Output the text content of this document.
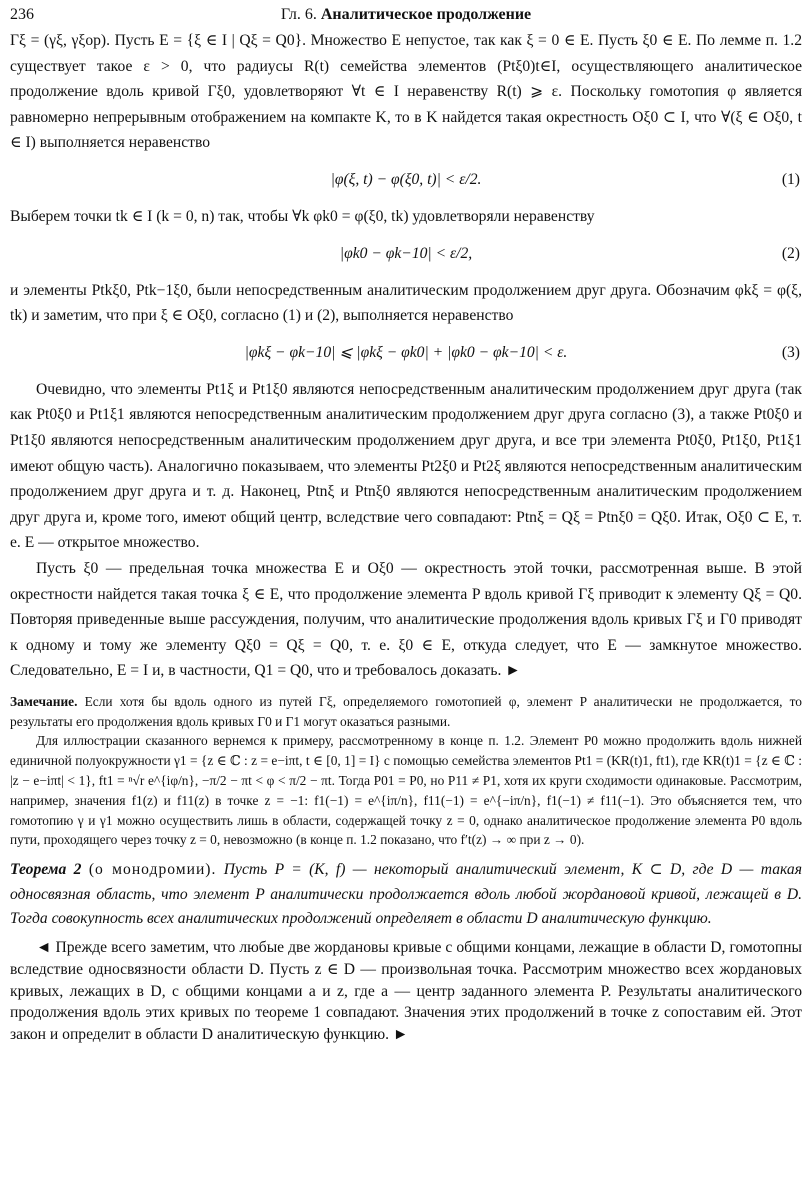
236	Гл. 6. Аналитическое продолжение

Γξ = (γξ, γξop). Пусть E = {ξ ∈ I | Qξ = Q0}. Множество E непустое, так как ξ = 0 ∈ E. Пусть ξ0 ∈ E. По лемме п. 1.2 существует такое ε > 0, что радиусы R(t) семейства элементов (Ptξ0)t∈I, осуществляющего аналитическое продолжение вдоль кривой Γξ0, удовлетворяют ∀t ∈ I неравенству R(t) ⩾ ε. Поскольку гомотопия φ является равномерно непрерывным отображением на компакте K, то в K найдется такая окрестность Oξ0 ⊂ I, что ∀(ξ ∈ Oξ0, t ∈ I) выполняется неравенство

|φ(ξ, t) − φ(ξ0, t)| < ε/2.	(1)

Выберем точки tk ∈ I (k = 0, n) так, чтобы ∀k φk0 = φ(ξ0, tk) удовлетворяли неравенству

|φk0 − φk−10| < ε/2,	(2)

и элементы Ptkξ0, Ptk−1ξ0, были непосредственным аналитическим продолжением друг друга. Обозначим φkξ = φ(ξ, tk) и заметим, что при ξ ∈ Oξ0, согласно (1) и (2), выполняется неравенство

|φkξ − φk−10| ⩽ |φkξ − φk0| + |φk0 − φk−10| < ε.	(3)

Очевидно, что элементы Pt1ξ и Pt1ξ0 являются непосредственным аналитическим продолжением друг друга (так как Pt0ξ0 и Pt1ξ1 являются непосредственным аналитическим продолжением друг друга согласно (3), а также Pt0ξ0 и Pt1ξ0 являются непосредственным аналитическим продолжением друг друга, и все три элемента Pt0ξ0, Pt1ξ0, Pt1ξ1 имеют общую часть). Аналогично показываем, что элементы Pt2ξ0 и Pt2ξ являются непосредственным аналитическим продолжением друг друга и т. д. Наконец, Ptnξ и Ptnξ0 являются непосредственным аналитическим продолжением друг друга и, кроме того, имеют общий центр, вследствие чего совпадают: Ptnξ = Qξ = Ptnξ0 = Qξ0. Итак, Oξ0 ⊂ E, т. е. E — открытое множество.

Пусть ξ0 — предельная точка множества E и Oξ0 — окрестность этой точки, рассмотренная выше. В этой окрестности найдется такая точка ξ ∈ E, что продолжение элемента P вдоль кривой Γξ приводит к элементу Qξ = Q0. Повторяя приведенные выше рассуждения, получим, что аналитические продолжения вдоль кривых Γξ и Γ0 приводят к одному и тому же элементу Qξ0 = Qξ = Q0, т. е. ξ0 ∈ E, откуда следует, что E — замкнутое множество. Следовательно, E = I и, в частности, Q1 = Q0, что и требовалось доказать. ►

Замечание. Если хотя бы вдоль одного из путей Γξ, определяемого гомотопией φ, элемент P аналитически не продолжается, то результаты его продолжения вдоль кривых Γ0 и Γ1 могут оказаться разными.

Для иллюстрации сказанного вернемся к примеру, рассмотренному в конце п. 1.2. Элемент P0 можно продолжить вдоль нижней единичной полуокружности γ1 = {z ∈ ℂ : z = e−iπt, t ∈ [0, 1] = I} с помощью семейства элементов Pt1 = (KR(t)1, ft1), где KR(t)1 = {z ∈ ℂ : |z − e−iπt| < 1}, ft1 = ⁿ√r e^{iφ/n}, −π/2 − πt < φ < π/2 − πt. Тогда P01 = P0, но P11 ≠ P1, хотя их круги сходимости одинаковые. Рассмотрим, например, значения f1(z) и f11(z) в точке z = −1: f1(−1) = e^{iπ/n}, f11(−1) = e^{−iπ/n}, f1(−1) ≠ f11(−1). Это объясняется тем, что гомотопию γ и γ1 можно осуществить лишь в области, содержащей точку z = 0, однако аналитическое продолжение элемента P0 вдоль пути, проходящего через точку z = 0, невозможно (в конце п. 1.2 показано, что f′t(z) → ∞ при z → 0).

Теорема 2 (о монодромии). Пусть P = (K, f) — некоторый аналитический элемент, K ⊂ D, где D — такая односвязная область, что элемент P аналитически продолжается вдоль любой жордановой кривой, лежащей в D. Тогда совокупность всех аналитических продолжений определяет в области D аналитическую функцию.

◄ Прежде всего заметим, что любые две жордановы кривые с общими концами, лежащие в области D, гомотопны вследствие односвязности области D. Пусть z ∈ D — произвольная точка. Рассмотрим множество всех жордановых кривых, лежащих в D, с общими концами a и z, где a — центр заданного элемента P. Результаты аналитического продолжения вдоль этих кривых по теореме 1 совпадают. Значения этих продолжений в точке z сопоставим ей. Этот закон и определит в области D аналитическую функцию. ►
